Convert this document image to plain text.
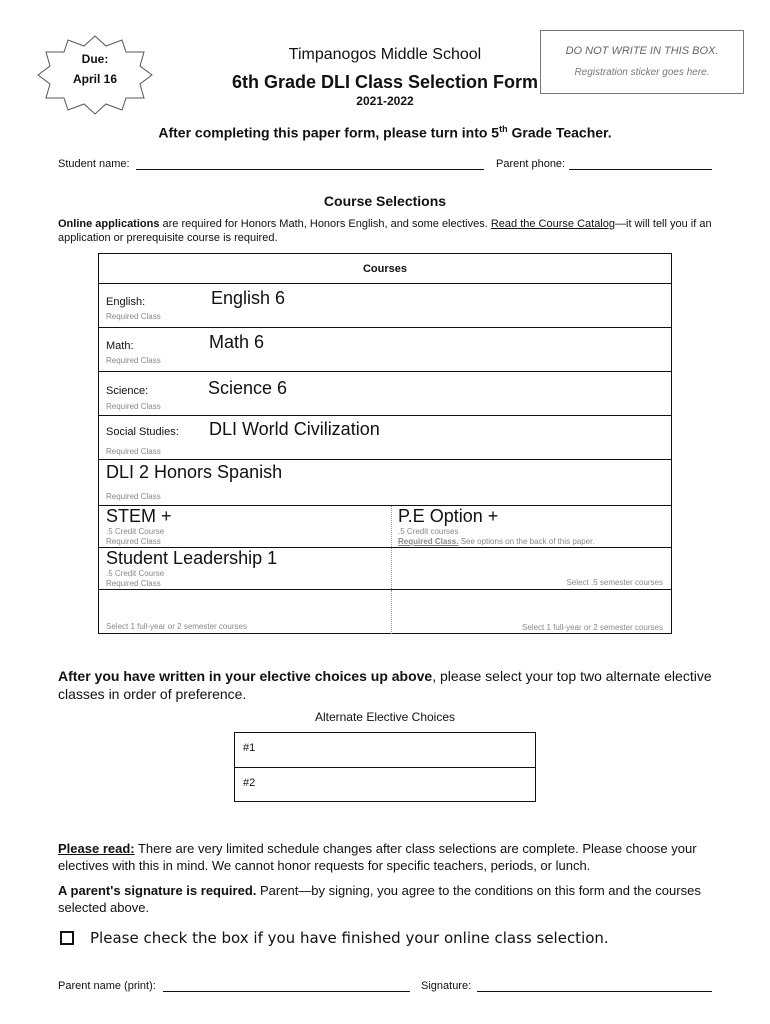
Due:
April 16
Timpanogos Middle School
6th Grade DLI Class Selection Form
2021-2022
DO NOT WRITE IN THIS BOX.
Registration sticker goes here.
After completing this paper form, please turn into 5th Grade Teacher.
Student name:	Parent phone:
Course Selections
Online applications are required for Honors Math, Honors English, and some electives. Read the Course Catalog—it will tell you if an application or prerequisite course is required.
Courses
English:	English 6
Required Class
Math:	Math 6
Required Class
Science:	Science 6
Required Class
Social Studies: DLI World Civilization
Required Class
DLI 2 Honors Spanish
Required Class
STEM +
.5 Credit Course
Required Class
P.E Option +
.5 Credit courses
Required Class. See options on the back of this paper.
Student Leadership 1
.5 Credit Course
Required Class	Select .5 semester courses
Select 1 full-year or 2 semester courses	Select 1 full-year or 2 semester courses
After you have written in your elective choices up above, please select your top two alternate elective classes in order of preference.
Alternate Elective Choices
#1
#2
Please read: There are very limited schedule changes after class selections are complete. Please choose your electives with this in mind. We cannot honor requests for specific teachers, periods, or lunch.
A parent's signature is required. Parent—by signing, you agree to the conditions on this form and the courses selected above.
Please check the box if you have finished your online class selection.
Parent name (print):	Signature:
